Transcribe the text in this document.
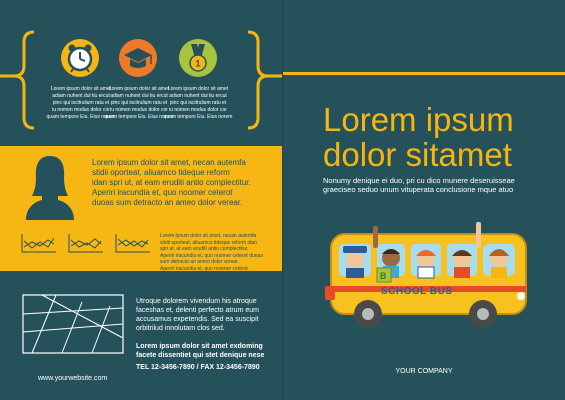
1
Lorem ipsum dolor sit amet
adiam nuhent dui tiu ercut
pinc qui iscitrulium ratu et
iu nomen modus dolor cor
quam tempore Eiu. Eius norem
Lorem ipsum dolor sit amet
adiam nuhent dui tiu ercut
pinc qui iscitrulium ratu et
iu nomen modus dolor cor
quam tempore Eiu. Eius norem
Lorem ipsum dolor sit amet
adiam nuhent dui tiu ercut
pinc qui iscitrulium ratu et
iu nomen modus dolor cor
quam tempore Eiu. Eius norem
Lorem ipsum dolor sit amet, necan autemfa
stidii oporteat, aliuamco tideque reform
idan spri ut, at eam eruditi antio complectitur.
Aperiri iracundia et, quo noomer ceterot
duoas sum detracto an ameo dolor verear.
Lorem ipsum dolor sit amet, necan autemfa
stidii oporteat, aliuamco tideque reform idan
spri ut, at eam eruditi antio complectitur.
Aperiri iracundia et, quo noomer ceterot duoas
sum detracto an ameo dolor verear.
Aperiri iracundia et, quo noomer ceterot
Utroque dolorem vivendum his atroque
faceshas et, delenti perfecto atrum eum
accusamus expetendis. Sed ea suscipit
orbitrilud innolutam clos sed.
Lorem ipsum dolor sit amet exdoming
facete dissentiet qui stet denique nese
TEL 12-3456-7890 / FAX 12-3456-7890
www.yourwebsite.com
Lorem ipsum
dolor sitamet
Nonumy denique ei duo, pri cu dico munere deseruisseae
graeciseo seduo unum vituperata conclusione mque atuo
B
SCHOOL BUS
YOUR COMPANY
